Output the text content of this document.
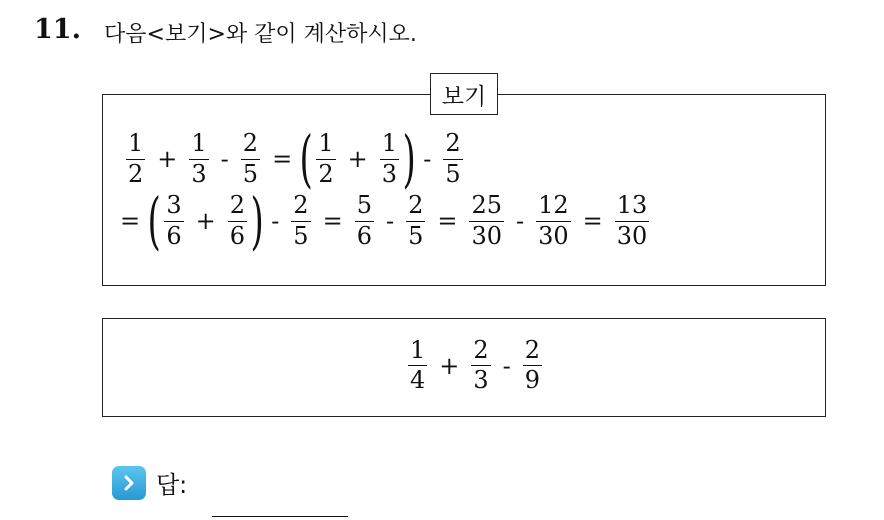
11. 다음<보기>와 같이 계산하시오.
보기
$\frac{1}{2} + \frac{1}{3} - \frac{2}{5}$ = ( $\frac{1}{2} + \frac{1}{3}$ ) - $\frac{2}{5}$
= ( $\frac{3}{6} + \frac{2}{6}$ ) - $\frac{2}{5} = \frac{5}{6} - \frac{2}{5} = \frac{25}{30} - \frac{12}{30} = \frac{13}{30}$
$\frac{1}{4} + \frac{2}{3} - \frac{2}{9}$
답:
